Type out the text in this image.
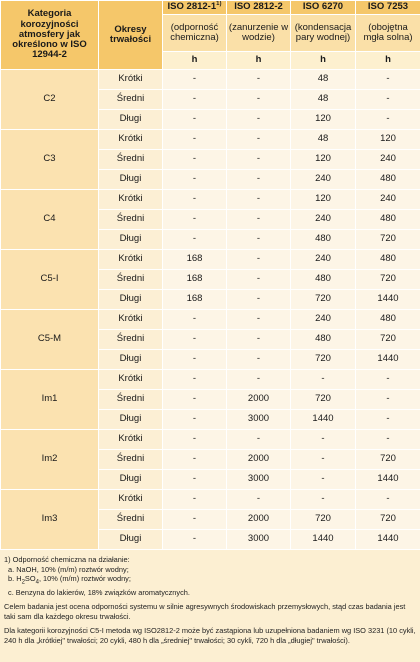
Kategoria korozyjności atmosfery jak określono w ISO 12944-2	Okresy trwałości	ISO 2812-1$^{1)}$	ISO 2812-2	ISO 6270	ISO 7253
		(odporność chemiczna)	(zanurzenie w wodzie)	(kondensacja pary wodnej)	(obojętna mgła solna)
		h	h	h	h
C2	Krótki	-	-	48	-
	Średni	-	-	48	-
	Długi	-	-	120	-
C3	Krótki	-	-	48	120
	Średni	-	-	120	240
	Długi	-	-	240	480
C4	Krótki	-	-	120	240
	Średni	-	-	240	480
	Długi	-	-	480	720
C5-I	Krótki	168	-	240	480
	Średni	168	-	480	720
	Długi	168	-	720	1440
C5-M	Krótki	-	-	240	480
	Średni	-	-	480	720
	Długi	-	-	720	1440
Im1	Krótki	-	-	-	-
	Średni	-	2000	720	-
	Długi	-	3000	1440	-
Im2	Krótki	-	-	-	-
	Średni	-	2000	-	720
	Długi	-	3000	-	1440
Im3	Krótki	-	-	-	-
	Średni	-	2000	720	720
	Długi	-	3000	1440	1440

1) Odporność chemiczna na działanie:

a. NaOH, 10% (m/m) roztwór wodny;

b. $H_2SO_4$, 10% (m/m) roztwór wodny;

c. Benzyna do lakierów, 18% związków aromatycznych.

Celem badania jest ocena odporności systemu w silnie agresywnych środowiskach przemysłowych, stąd czas badania jest taki sam dla każdego okresu trwałości.

Dla kategorii korozyjności C5-I metoda wg ISO2812-2 może być zastąpiona lub uzupełniona badaniem wg ISO 3231 (10 cykli, 240 h dla „krótkiej" trwałości; 20 cykli, 480 h dla „średniej" trwałości; 30 cykli, 720 h dla „długiej" trwałości).
